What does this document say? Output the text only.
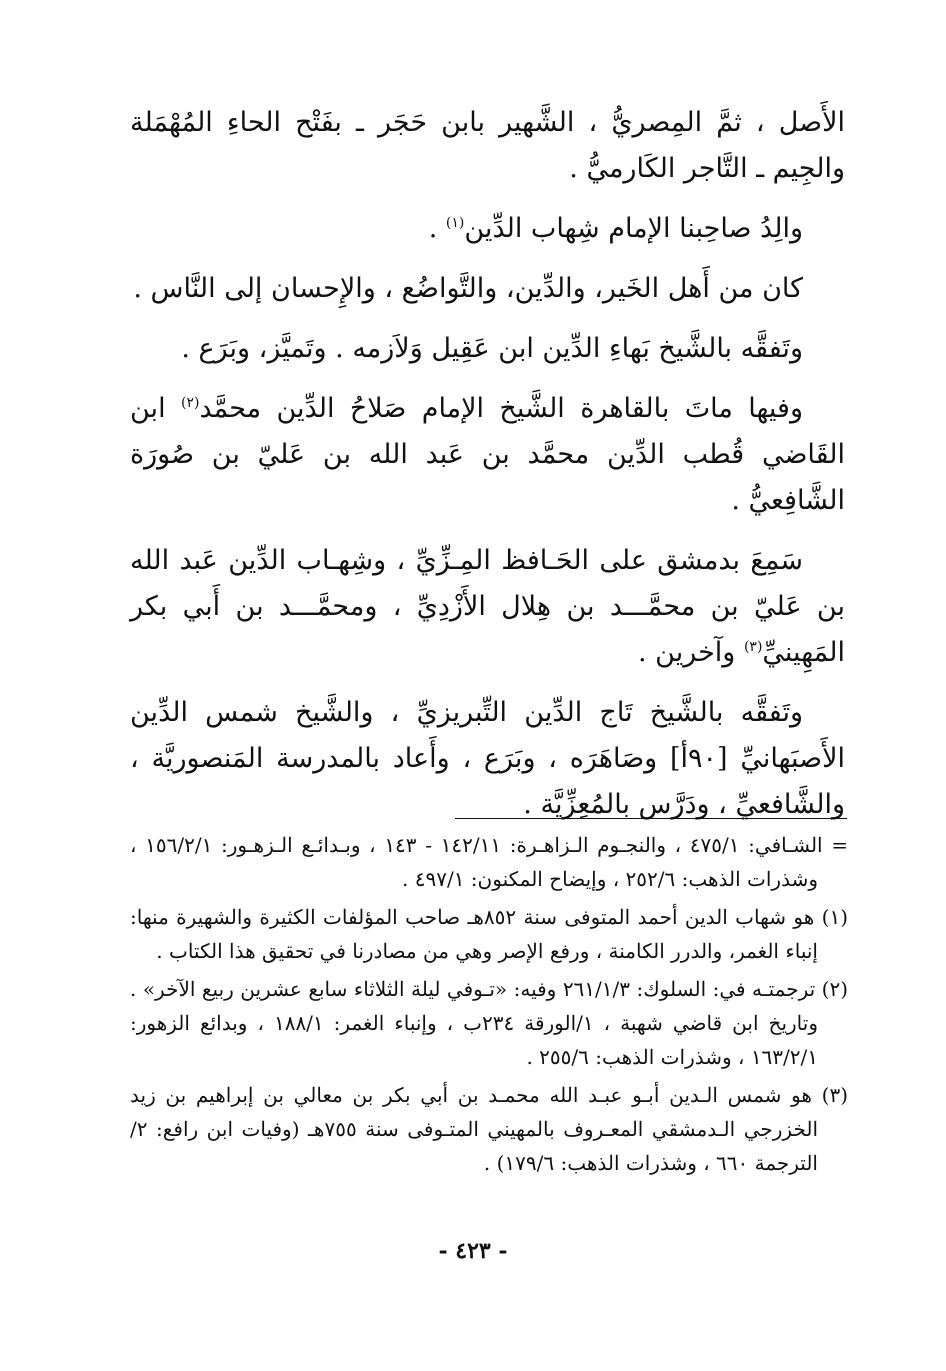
الأَصل ، ثمَّ المِصريُّ ، الشَّهير بابن حَجَر ـ بفَتْح الحاءِ المُهْمَلة والجِيم ـ التَّاجر الكَارميُّ .

والِدُ صاحِبنا الإمام شِهاب الدِّين$^{(١)}$ .

كان من أَهل الخَير، والدِّين، والتَّواضُع ، والإِحسان إلى النَّاس .

وتَفقَّه بالشَّيخ بَهاءِ الدِّين ابن عَقِيل وَلاَزمه . وتَميَّز، وبَرَع .

وفيها ماتَ بالقاهرة الشَّيخ الإمام صَلاحُ الدِّين محمَّد$^{(٢)}$ ابن القَاضي قُطب الدِّين محمَّد بن عَبد الله بن عَليّ بن صُورَة الشَّافِعيُّ .

سَمِعَ بدمشق على الحَـافظ المِـزِّيِّ ، وشِهـاب الدِّين عَبد الله بن عَليّ بن محمَّـــد بن هِلال الأَزْدِيِّ ، ومحمَّـــد بن أَبي بكر المَهِينيِّ$^{(٣)}$ وآخرين .

وتَفقَّه بالشَّيخ تَاج الدِّين التِّبريزيِّ ، والشَّيخ شمس الدِّين الأَصبَهانيِّ [٩٠أ] وصَاهَرَه ، وبَرَع ، وأَعاد بالمدرسة المَنصوريَّة ، والشَّافعيِّ ، ودَرَّس بالمُعِزِّيَّة .

= الشـافي: ٤٧٥/١ ، والنجـوم الـزاهـرة: ١٤٢/١١ - ١٤٣ ، وبـدائـع الـزهـور: ١٥٦/٢/١ ، وشذرات الذهب: ٢٥٢/٦ ، وإيضاح المكنون: ٤٩٧/١ .

(١) هو شهاب الدين أحمد المتوفى سنة ٨٥٢هـ صاحب المؤلفات الكثيرة والشهيرة منها: إنباء الغمر، والدرر الكامنة ، ورفع الإصر وهي من مصادرنا في تحقيق هذا الكتاب .

(٢) ترجمتـه في: السلوك: ٢٦١/١/٣ وفيه: «تـوفي ليلة الثلاثاء سابع عشرين ربيع الآخر» . وتاريخ ابن قاضي شهبة ، ١/الورقة ٢٣٤ب ، وإنباء الغمر: ١٨٨/١ ، وبدائع الزهور: ١٦٣/٢/١ ، وشذرات الذهب: ٢٥٥/٦ .

(٣) هو شمس الـدين أبـو عبـد الله محمـد بن أبي بكر بن معالي بن إبراهيم بن زيد الخزرجي الـدمشقي المعـروف بالمهيني المتـوفى سنة ٧٥٥هـ (وفيات ابن رافع: ٢/الترجمة ٦٦٠ ، وشذرات الذهب: ١٧٩/٦) .

- ٤٢٣ -
